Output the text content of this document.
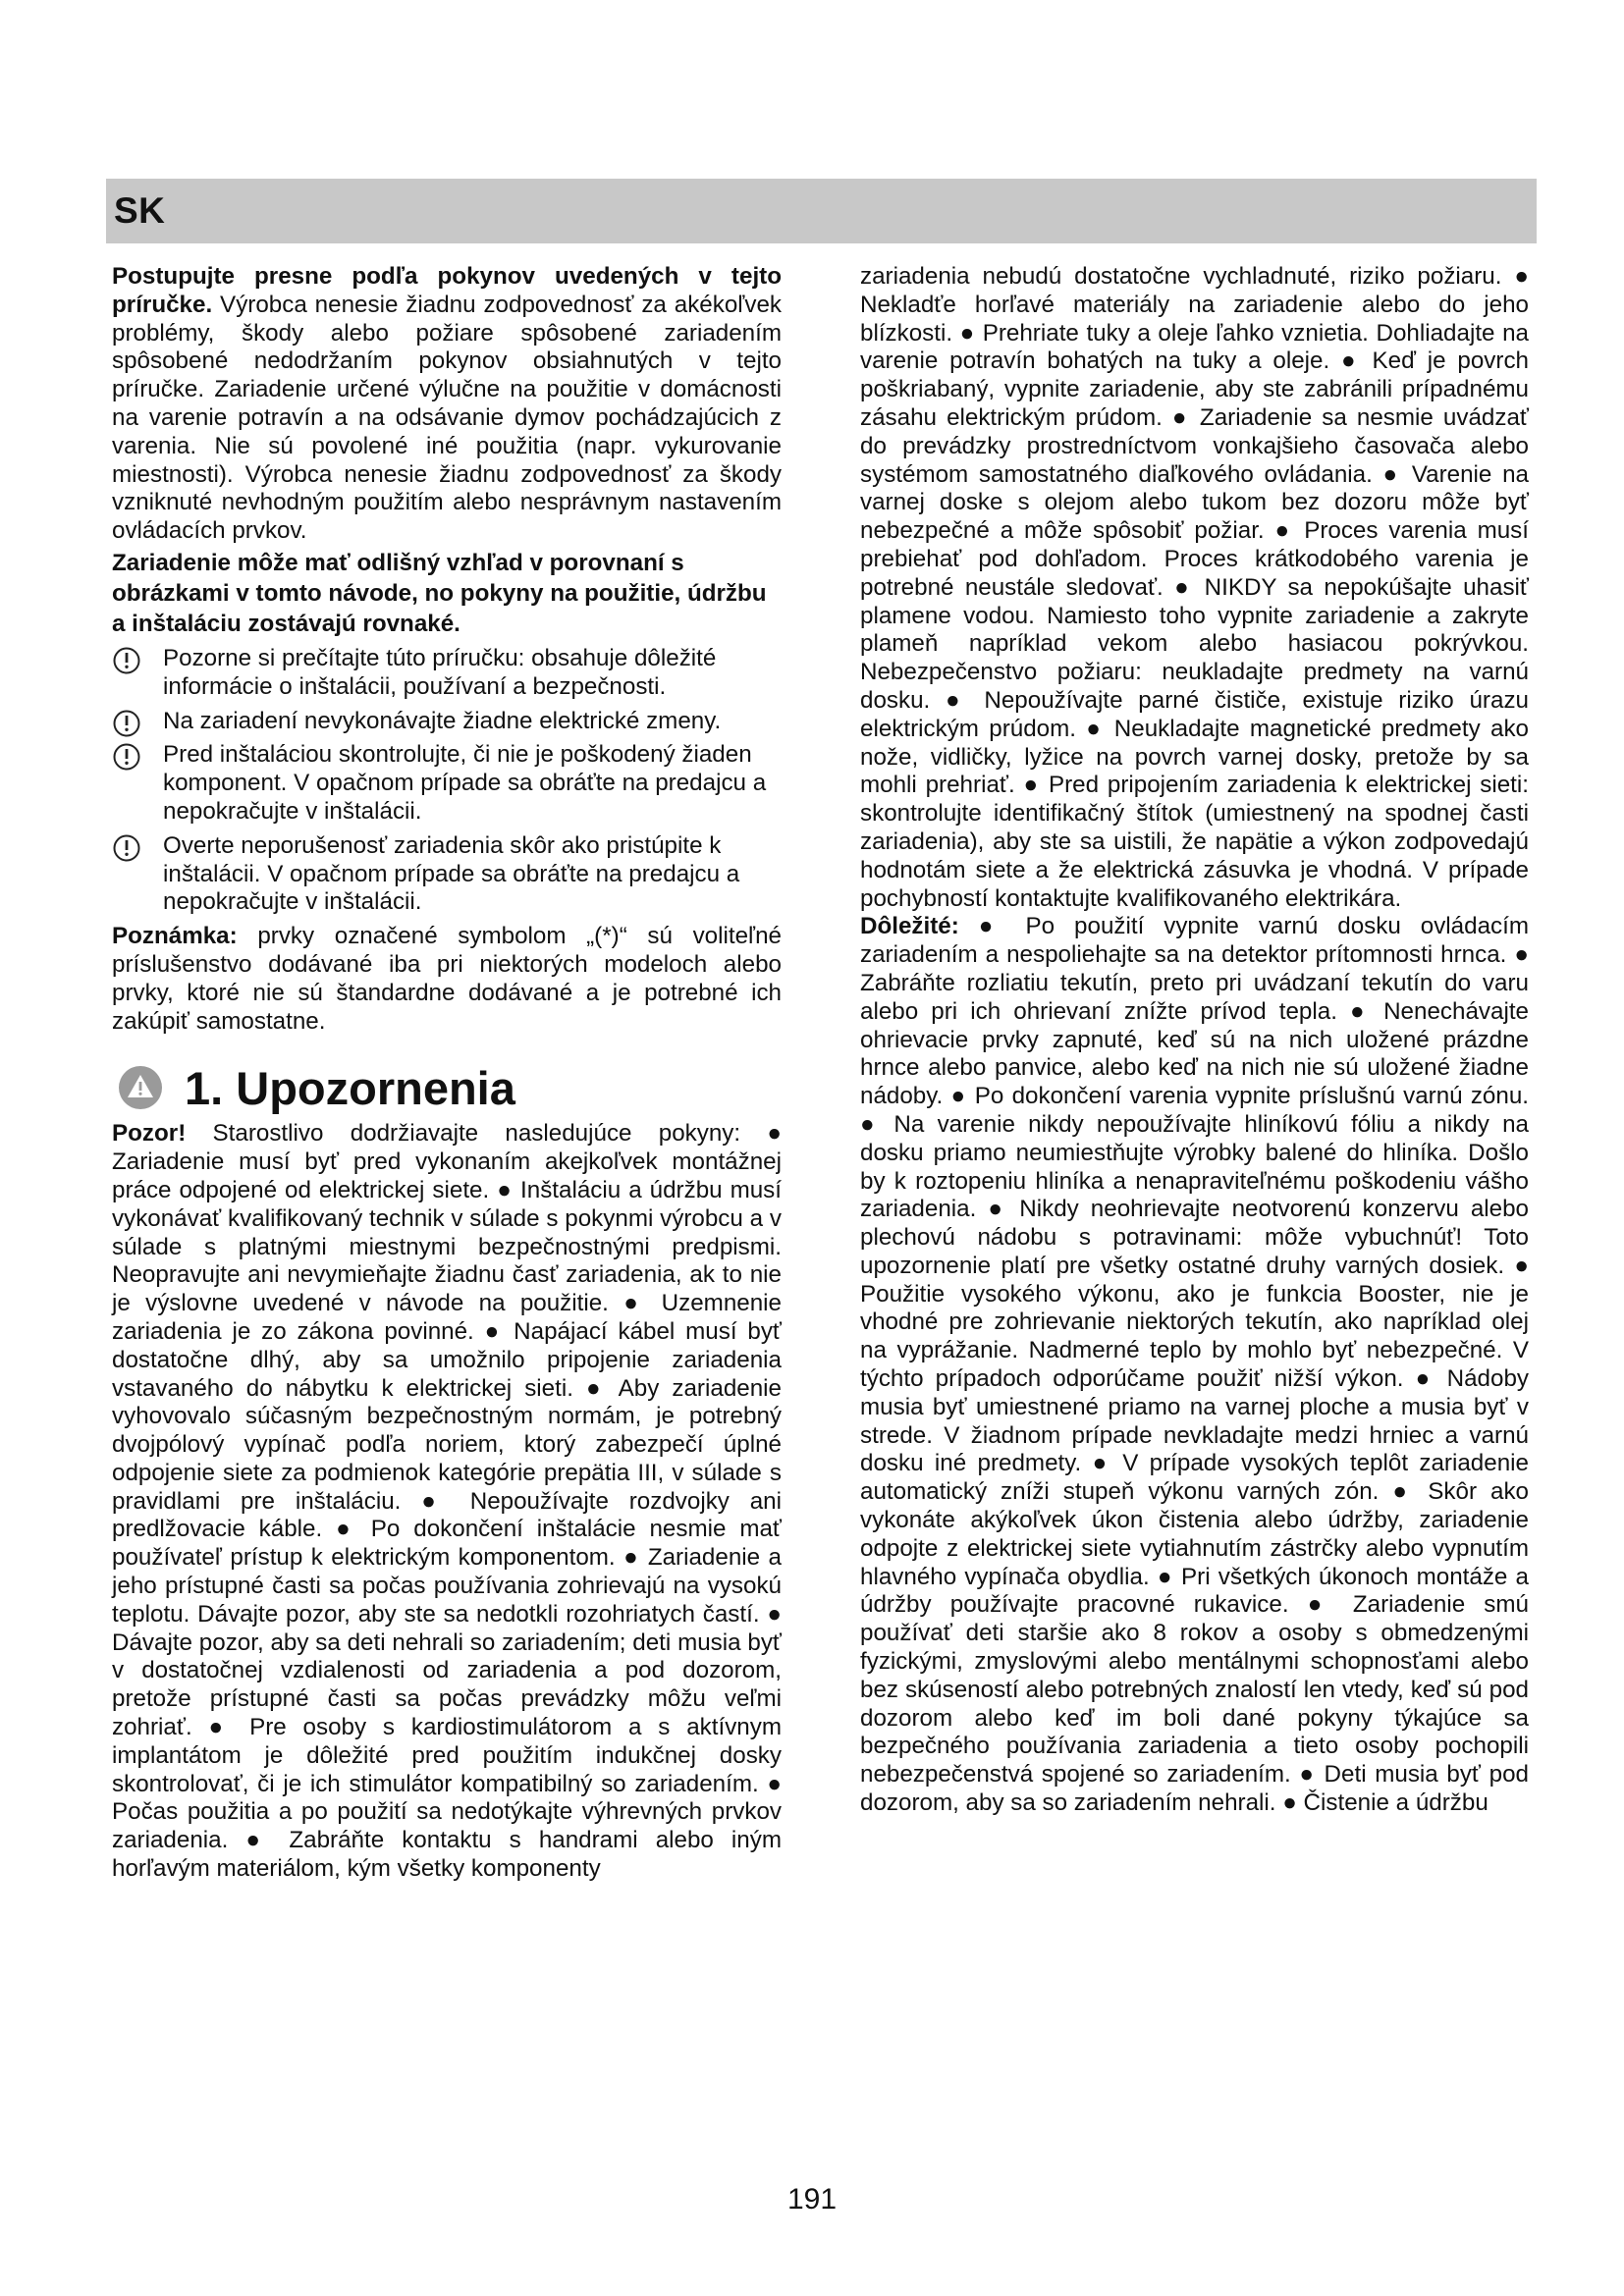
SK

Postupujte presne podľa pokynov uvedených v tejto príručke. Výrobca nenesie žiadnu zodpovednosť za akékoľvek problémy, škody alebo požiare spôsobené zariadením spôsobené nedodržaním pokynov obsiahnutých v tejto príručke. Zariadenie určené výlučne na použitie v domácnosti na varenie potravín a na odsávanie dymov pochádzajúcich z varenia. Nie sú povolené iné použitia (napr. vykurovanie miestnosti). Výrobca nenesie žiadnu zodpovednosť za škody vzniknuté nevhodným použitím alebo nesprávnym nastavením ovládacích prvkov.

Zariadenie môže mať odlišný vzhľad v porovnaní s obrázkami v tomto návode, no pokyny na použitie, údržbu a inštaláciu zostávajú rovnaké.

Pozorne si prečítajte túto príručku: obsahuje dôležité informácie o inštalácii, používaní a bezpečnosti.
Na zariadení nevykonávajte žiadne elektrické zmeny.
Pred inštaláciou skontrolujte, či nie je poškodený žiaden komponent. V opačnom prípade sa obráťte na predajcu a nepokračujte v inštalácii.
Overte neporušenosť zariadenia skôr ako pristúpite k inštalácii. V opačnom prípade sa obráťte na predajcu a nepokračujte v inštalácii.

Poznámka: prvky označené symbolom „(*)“ sú voliteľné príslušenstvo dodávané iba pri niektorých modeloch alebo prvky, ktoré nie sú štandardne dodávané a je potrebné ich zakúpiť samostatne.

1. Upozornenia

Pozor! Starostlivo dodržiavajte nasledujúce pokyny: ● Zariadenie musí byť pred vykonaním akejkoľvek montážnej práce odpojené od elektrickej siete. ● Inštaláciu a údržbu musí vykonávať kvalifikovaný technik v súlade s pokynmi výrobcu a v súlade s platnými miestnymi bezpečnostnými predpismi. Neopravujte ani nevymieňajte žiadnu časť zariadenia, ak to nie je výslovne uvedené v návode na použitie. ● Uzemnenie zariadenia je zo zákona povinné. ● Napájací kábel musí byť dostatočne dlhý, aby sa umožnilo pripojenie zariadenia vstavaného do nábytku k elektrickej sieti. ● Aby zariadenie vyhovovalo súčasným bezpečnostným normám, je potrebný dvojpólový vypínač podľa noriem, ktorý zabezpečí úplné odpojenie siete za podmienok kategórie prepätia III, v súlade s pravidlami pre inštaláciu. ● Nepoužívajte rozdvojky ani predlžovacie káble. ● Po dokončení inštalácie nesmie mať používateľ prístup k elektrickým komponentom. ● Zariadenie a jeho prístupné časti sa počas používania zohrievajú na vysokú teplotu. Dávajte pozor, aby ste sa nedotkli rozohriatych častí. ● Dávajte pozor, aby sa deti nehrali so zariadením; deti musia byť v dostatočnej vzdialenosti od zariadenia a pod dozorom, pretože prístupné časti sa počas prevádzky môžu veľmi zohriať. ● Pre osoby s kardiostimulátorom a s aktívnym implantátom je dôležité pred použitím indukčnej dosky skontrolovať, či je ich stimulátor kompatibilný so zariadením. ● Počas použitia a po použití sa nedotýkajte výhrevných prvkov zariadenia. ● Zabráňte kontaktu s handrami alebo iným horľavým materiálom, kým všetky komponenty

zariadenia nebudú dostatočne vychladnuté, riziko požiaru. ● Nekladťe horľavé materiály na zariadenie alebo do jeho blízkosti. ● Prehriate tuky a oleje ľahko vznietia. Dohliadajte na varenie potravín bohatých na tuky a oleje. ● Keď je povrch poškriabaný, vypnite zariadenie, aby ste zabránili prípadnému zásahu elektrickým prúdom. ● Zariadenie sa nesmie uvádzať do prevádzky prostredníctvom vonkajšieho časovača alebo systémom samostatného diaľkového ovládania. ● Varenie na varnej doske s olejom alebo tukom bez dozoru môže byť nebezpečné a môže spôsobiť požiar. ● Proces varenia musí prebiehať pod dohľadom. Proces krátkodobého varenia je potrebné neustále sledovať. ● NIKDY sa nepokúšajte uhasiť plamene vodou. Namiesto toho vypnite zariadenie a zakryte plameň napríklad vekom alebo hasiacou pokrývkou. Nebezpečenstvo požiaru: neukladajte predmety na varnú dosku. ● Nepoužívajte parné čističe, existuje riziko úrazu elektrickým prúdom. ● Neukladajte magnetické predmety ako nože, vidličky, lyžice na povrch varnej dosky, pretože by sa mohli prehriať. ● Pred pripojením zariadenia k elektrickej sieti: skontrolujte identifikačný štítok (umiestnený na spodnej časti zariadenia), aby ste sa uistili, že napätie a výkon zodpovedajú hodnotám siete a že elektrická zásuvka je vhodná. V prípade pochybností kontaktujte kvalifikovaného elektrikára.

Dôležité: ● Po použití vypnite varnú dosku ovládacím zariadením a nespoliehajte sa na detektor prítomnosti hrnca. ● Zabráňte rozliatiu tekutín, preto pri uvádzaní tekutín do varu alebo pri ich ohrievaní znížte prívod tepla. ● Nenechávajte ohrievacie prvky zapnuté, keď sú na nich uložené prázdne hrnce alebo panvice, alebo keď na nich nie sú uložené žiadne nádoby. ● Po dokončení varenia vypnite príslušnú varnú zónu. ● Na varenie nikdy nepoužívajte hliníkovú fóliu a nikdy na dosku priamo neumiestňujte výrobky balené do hliníka. Došlo by k roztopeniu hliníka a nenapraviteľnému poškodeniu vášho zariadenia. ● Nikdy neohrievajte neotvorenú konzervu alebo plechovú nádobu s potravinami: môže vybuchnúť! Toto upozornenie platí pre všetky ostatné druhy varných dosiek. ● Použitie vysokého výkonu, ako je funkcia Booster, nie je vhodné pre zohrievanie niektorých tekutín, ako napríklad olej na vyprážanie. Nadmerné teplo by mohlo byť nebezpečné. V týchto prípadoch odporúčame použiť nižší výkon. ● Nádoby musia byť umiestnené priamo na varnej ploche a musia byť v strede. V žiadnom prípade nevkladajte medzi hrniec a varnú dosku iné predmety. ● V prípade vysokých teplôt zariadenie automatický zníži stupeň výkonu varných zón. ● Skôr ako vykonáte akýkoľvek úkon čistenia alebo údržby, zariadenie odpojte z elektrickej siete vytiahnutím zástrčky alebo vypnutím hlavného vypínača obydlia. ● Pri všetkých úkonoch montáže a údržby používajte pracovné rukavice. ● Zariadenie smú používať deti staršie ako 8 rokov a osoby s obmedzenými fyzickými, zmyslovými alebo mentálnymi schopnosťami alebo bez skúseností alebo potrebných znalostí len vtedy, keď sú pod dozorom alebo keď im boli dané pokyny týkajúce sa bezpečného používania zariadenia a tieto osoby pochopili nebezpečenstvá spojené so zariadením. ● Deti musia byť pod dozorom, aby sa so zariadením nehrali. ● Čistenie a údržbu

191
